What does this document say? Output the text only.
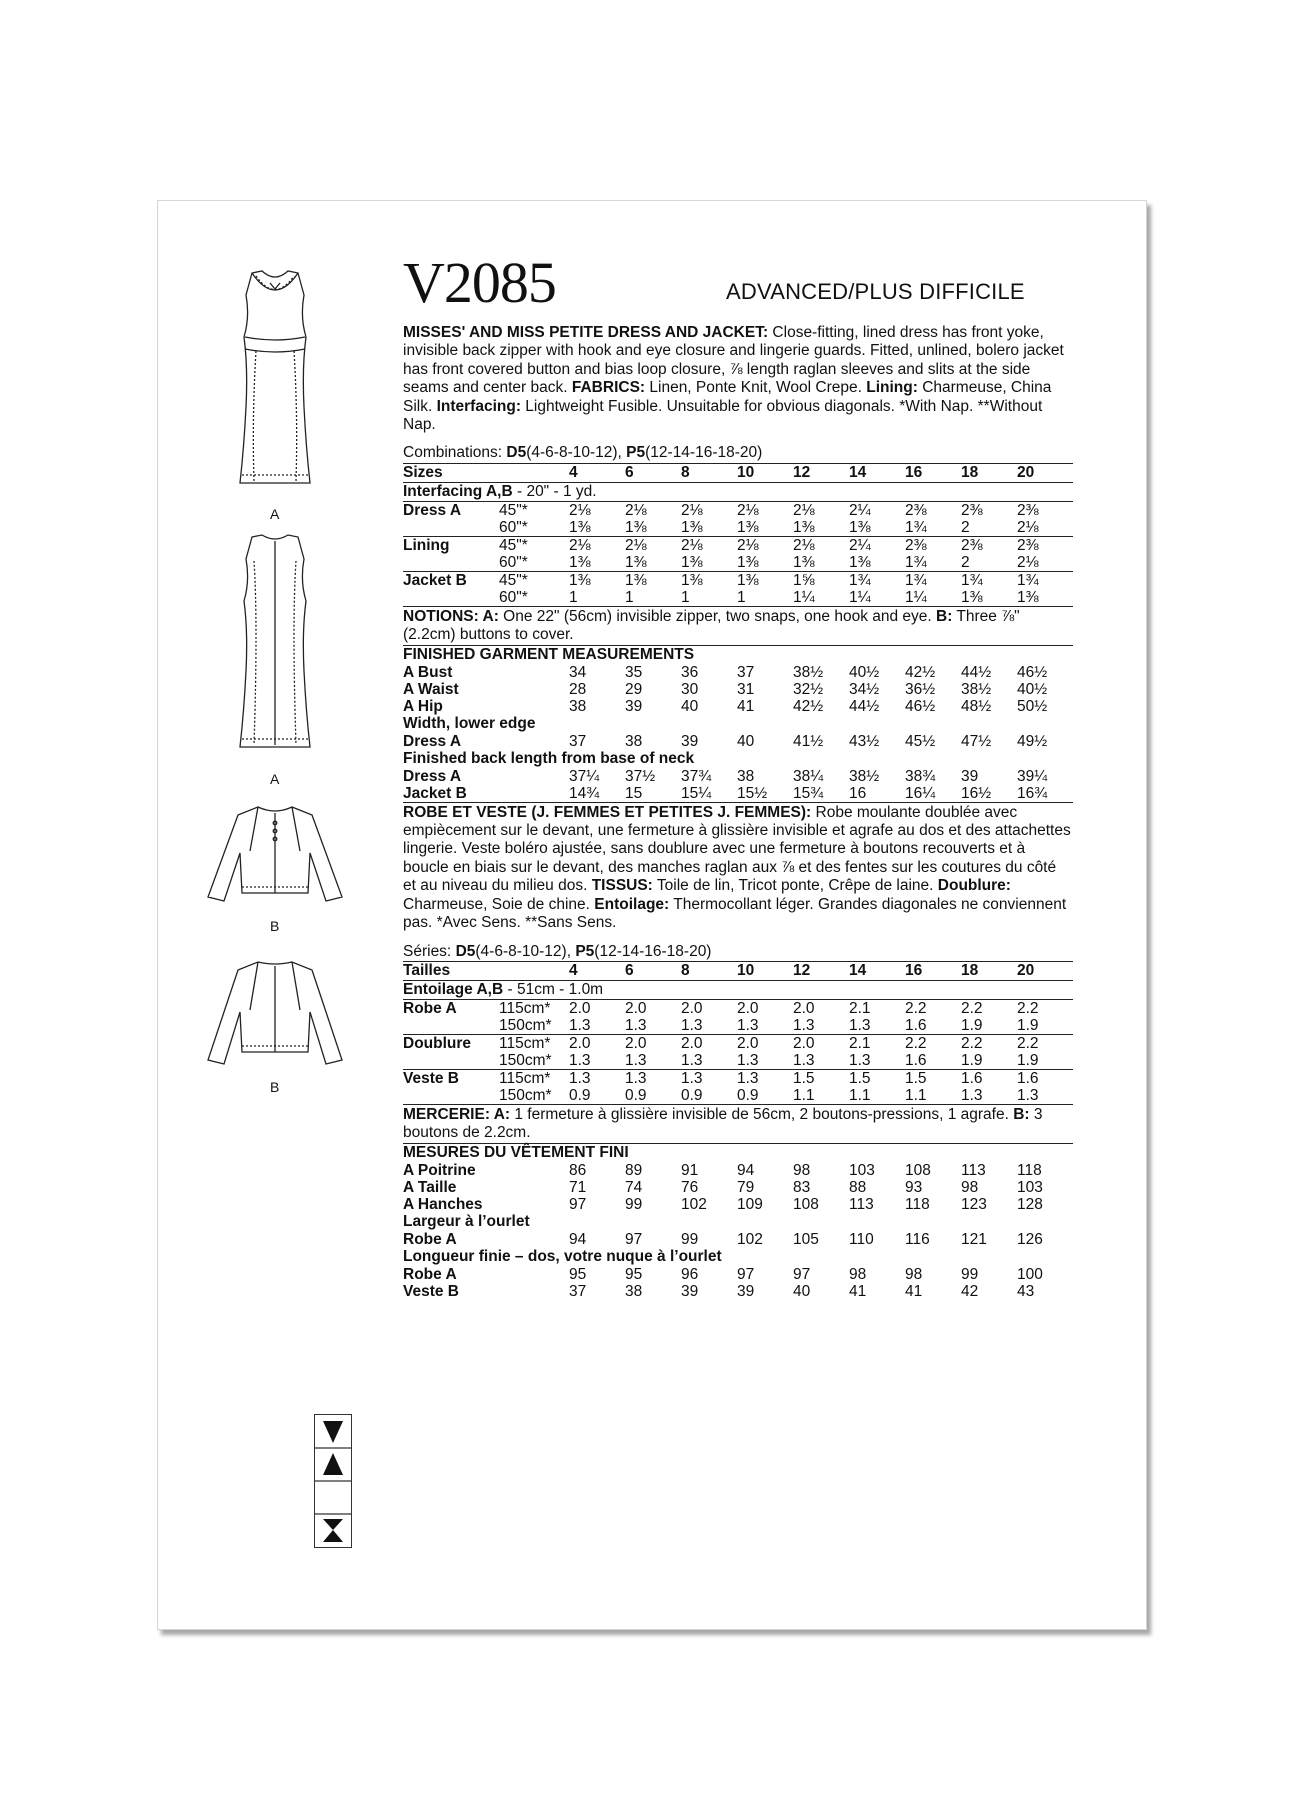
V2085	ADVANCED/PLUS DIFFICILE
A
A
B
B

MISSES' AND MISS PETITE DRESS AND JACKET: Close-fitting, lined dress has front yoke, invisible back zipper with hook and eye closure and lingerie guards. Fitted, unlined, bolero jacket has front covered button and bias loop closure, ⅞ length raglan sleeves and slits at the side seams and center back. FABRICS: Linen, Ponte Knit, Wool Crepe. Lining: Charmeuse, China Silk. Interfacing: Lightweight Fusible. Unsuitable for obvious diagonals. *With Nap. **Without Nap.

Combinations: D5(4-6-8-10-12), P5(12-14-16-18-20)

Sizes		4	6	8	10	12	14	16	18	20
Interfacing A,B - 20" - 1 yd.										
Dress A	45"*	2⅛	2⅛	2⅛	2⅛	2⅛	2¼	2⅜	2⅜	2⅜
	60"*	1⅜	1⅜	1⅜	1⅜	1⅜	1⅜	1¾	2	2⅛
Lining	45"*	2⅛	2⅛	2⅛	2⅛	2⅛	2¼	2⅜	2⅜	2⅜
	60"*	1⅜	1⅜	1⅜	1⅜	1⅜	1⅜	1¾	2	2⅛
Jacket B	45"*	1⅜	1⅜	1⅜	1⅜	1⅝	1¾	1¾	1¾	1¾
	60"*	1	1	1	1	1¼	1¼	1¼	1⅜	1⅜

NOTIONS: A: One 22" (56cm) invisible zipper, two snaps, one hook and eye. B: Three ⅞" (2.2cm) buttons to cover.

FINISHED GARMENT MEASUREMENTS										
A Bust		34	35	36	37	38½	40½	42½	44½	46½
A Waist		28	29	30	31	32½	34½	36½	38½	40½
A Hip		38	39	40	41	42½	44½	46½	48½	50½
Width, lower edge										
Dress A		37	38	39	40	41½	43½	45½	47½	49½
Finished back length from base of neck										
Dress A		37¼	37½	37¾	38	38¼	38½	38¾	39	39¼
Jacket B		14¾	15	15¼	15½	15¾	16	16¼	16½	16¾

ROBE ET VESTE (J. FEMMES ET PETITES J. FEMMES): Robe moulante doublée avec empiècement sur le devant, une fermeture à glissière invisible et agrafe au dos et des attachettes lingerie. Veste boléro ajustée, sans doublure avec une fermeture à boutons recouverts et à boucle en biais sur le devant, des manches raglan aux ⅞ et des fentes sur les coutures du côté et au niveau du milieu dos. TISSUS: Toile de lin, Tricot ponte, Crêpe de laine. Doublure: Charmeuse, Soie de chine. Entoilage: Thermocollant léger. Grandes diagonales ne conviennent pas. *Avec Sens. **Sans Sens.

Séries: D5(4-6-8-10-12), P5(12-14-16-18-20)

Tailles		4	6	8	10	12	14	16	18	20
Entoilage A,B - 51cm - 1.0m										
Robe A	115cm*	2.0	2.0	2.0	2.0	2.0	2.1	2.2	2.2	2.2
	150cm*	1.3	1.3	1.3	1.3	1.3	1.3	1.6	1.9	1.9
Doublure	115cm*	2.0	2.0	2.0	2.0	2.0	2.1	2.2	2.2	2.2
	150cm*	1.3	1.3	1.3	1.3	1.3	1.3	1.6	1.9	1.9
Veste B	115cm*	1.3	1.3	1.3	1.3	1.5	1.5	1.5	1.6	1.6
	150cm*	0.9	0.9	0.9	0.9	1.1	1.1	1.1	1.3	1.3

MERCERIE: A: 1 fermeture à glissière invisible de 56cm, 2 boutons-pressions, 1 agrafe. B: 3 boutons de 2.2cm.

MESURES DU VÊTEMENT FINI										
A Poitrine		86	89	91	94	98	103	108	113	118
A Taille		71	74	76	79	83	88	93	98	103
A Hanches		97	99	102	109	108	113	118	123	128
Largeur à l’ourlet										
Robe A		94	97	99	102	105	110	116	121	126
Longueur finie – dos, votre nuque à l’ourlet										
Robe A		95	95	96	97	97	98	98	99	100
Veste B		37	38	39	39	40	41	41	42	43
